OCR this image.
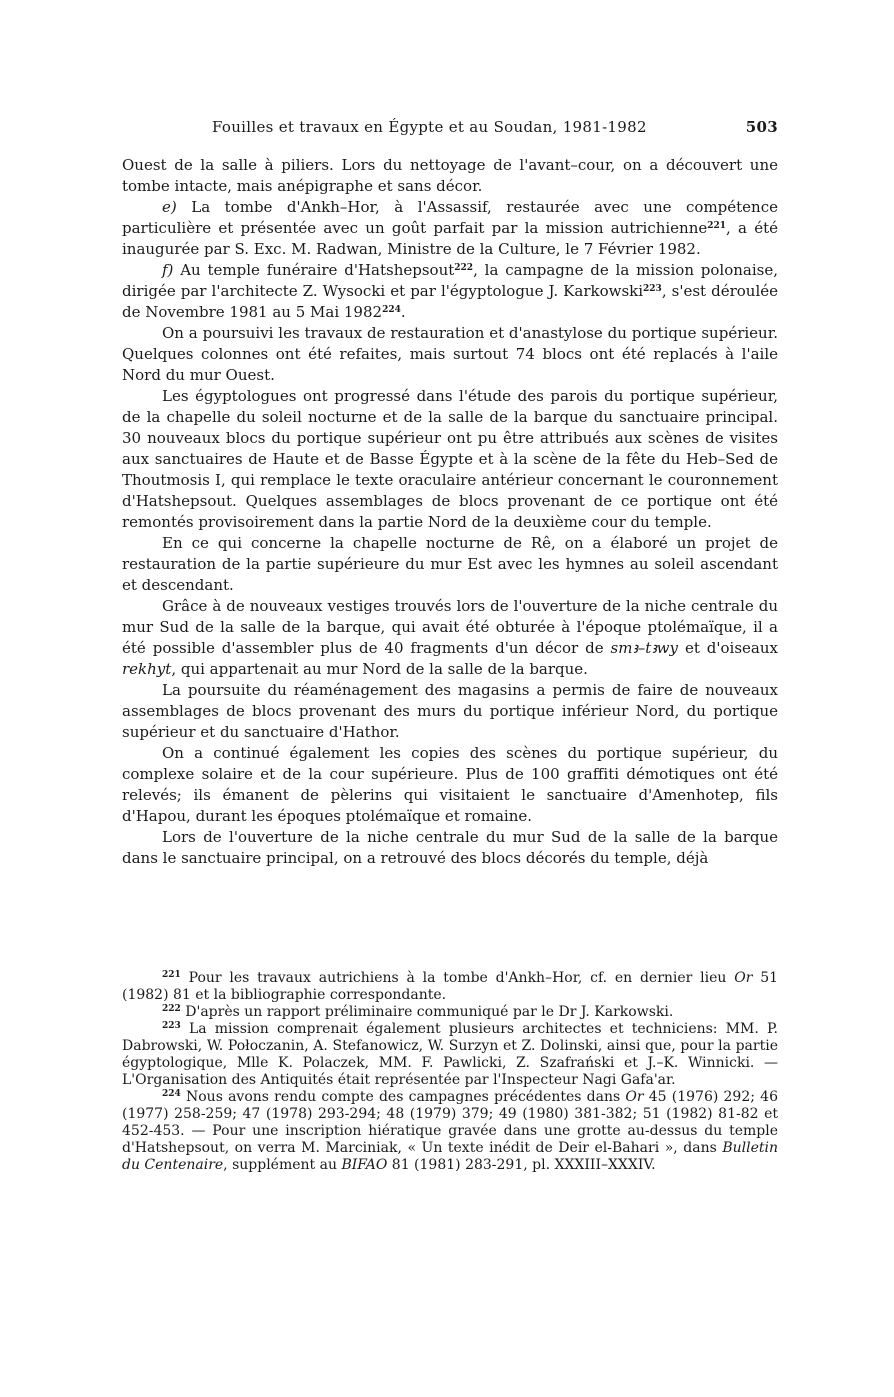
Fouilles et travaux en Égypte et au Soudan, 1981-1982	503

Ouest de la salle à piliers. Lors du nettoyage de l'avant–cour, on a découvert une tombe intacte, mais anépigraphe et sans décor.

e) La tombe d'Ankh–Hor, à l'Assassif, restaurée avec une compétence particulière et présentée avec un goût parfait par la mission autrichienne$^{221}$, a été inaugurée par S. Exc. M. Radwan, Ministre de la Culture, le 7 Février 1982.

f) Au temple funéraire d'Hatshepsout$^{222}$, la campagne de la mission polonaise, dirigée par l'architecte Z. Wysocki et par l'égyptologue J. Karkowski$^{223}$, s'est déroulée de Novembre 1981 au 5 Mai 1982$^{224}$.

On a poursuivi les travaux de restauration et d'anastylose du portique supérieur. Quelques colonnes ont été refaites, mais surtout 74 blocs ont été replacés à l'aile Nord du mur Ouest.

Les égyptologues ont progressé dans l'étude des parois du portique supérieur, de la chapelle du soleil nocturne et de la salle de la barque du sanctuaire principal. 30 nouveaux blocs du portique supérieur ont pu être attribués aux scènes de visites aux sanctuaires de Haute et de Basse Égypte et à la scène de la fête du Heb–Sed de Thoutmosis I, qui remplace le texte oraculaire antérieur concernant le couronnement d'Hatshepsout. Quelques assemblages de blocs provenant de ce portique ont été remontés provisoirement dans la partie Nord de la deuxième cour du temple.

En ce qui concerne la chapelle nocturne de Rê, on a élaboré un projet de restauration de la partie supérieure du mur Est avec les hymnes au soleil ascendant et descendant.

Grâce à de nouveaux vestiges trouvés lors de l'ouverture de la niche centrale du mur Sud de la salle de la barque, qui avait été obturée à l'époque ptolémaïque, il a été possible d'assembler plus de 40 fragments d'un décor de smꜣ–tꜣwy et d'oiseaux rekhyt, qui appartenait au mur Nord de la salle de la barque.

La poursuite du réaménagement des magasins a permis de faire de nouveaux assemblages de blocs provenant des murs du portique inférieur Nord, du portique supérieur et du sanctuaire d'Hathor.

On a continué également les copies des scènes du portique supérieur, du complexe solaire et de la cour supérieure. Plus de 100 graffiti démotiques ont été relevés; ils émanent de pèlerins qui visitaient le sanctuaire d'Amenhotep, fils d'Hapou, durant les époques ptolémaïque et romaine.

Lors de l'ouverture de la niche centrale du mur Sud de la salle de la barque dans le sanctuaire principal, on a retrouvé des blocs décorés du temple, déjà

$^{221}$ Pour les travaux autrichiens à la tombe d'Ankh–Hor, cf. en dernier lieu Or 51 (1982) 81 et la bibliographie correspondante.

$^{222}$ D'après un rapport préliminaire communiqué par le Dr J. Karkowski.

$^{223}$ La mission comprenait également plusieurs architectes et techniciens: MM. P. Dabrowski, W. Połoczanin, A. Stefanowicz, W. Surzyn et Z. Dolinski, ainsi que, pour la partie égyptologique, Mlle K. Polaczek, MM. F. Pawlicki, Z. Szafrański et J.–K. Winnicki. — L'Organisation des Antiquités était représentée par l'Inspecteur Nagi Gafa'ar.

$^{224}$ Nous avons rendu compte des campagnes précédentes dans Or 45 (1976) 292; 46 (1977) 258-259; 47 (1978) 293-294; 48 (1979) 379; 49 (1980) 381-382; 51 (1982) 81-82 et 452-453. — Pour une inscription hiératique gravée dans une grotte au-dessus du temple d'Hatshepsout, on verra M. Marciniak, « Un texte inédit de Deir el-Bahari », dans Bulletin du Centenaire, supplément au BIFAO 81 (1981) 283-291, pl. XXXIII–XXXIV.
